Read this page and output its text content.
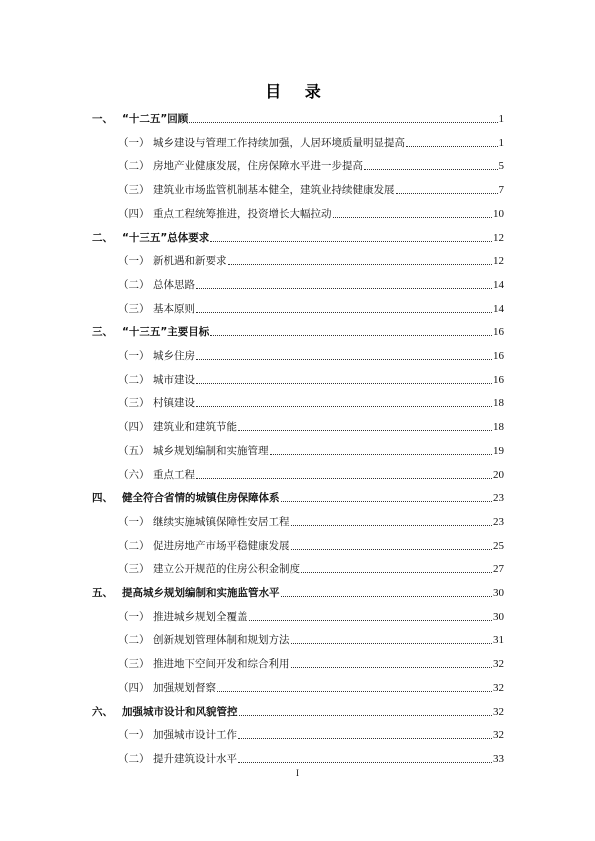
目 录
一、 “十二五”回顾	1
（一） 城乡建设与管理工作持续加强，人居环境质量明显提高	1
（二） 房地产业健康发展，住房保障水平进一步提高	5
（三） 建筑业市场监管机制基本健全，建筑业持续健康发展	7
（四） 重点工程统筹推进，投资增长大幅拉动	10
二、 “十三五”总体要求	12
（一） 新机遇和新要求	12
（二） 总体思路	14
（三） 基本原则	14
三、 “十三五”主要目标	16
（一） 城乡住房	16
（二） 城市建设	16
（三） 村镇建设	18
（四） 建筑业和建筑节能	18
（五） 城乡规划编制和实施管理	19
（六） 重点工程	20
四、 健全符合省情的城镇住房保障体系	23
（一） 继续实施城镇保障性安居工程	23
（二） 促进房地产市场平稳健康发展	25
（三） 建立公开规范的住房公积金制度	27
五、 提高城乡规划编制和实施监管水平	30
（一） 推进城乡规划全覆盖	30
（二） 创新规划管理体制和规划方法	31
（三） 推进地下空间开发和综合利用	32
（四） 加强规划督察	32
六、 加强城市设计和风貌管控	32
（一） 加强城市设计工作	32
（二） 提升建筑设计水平	33
I
